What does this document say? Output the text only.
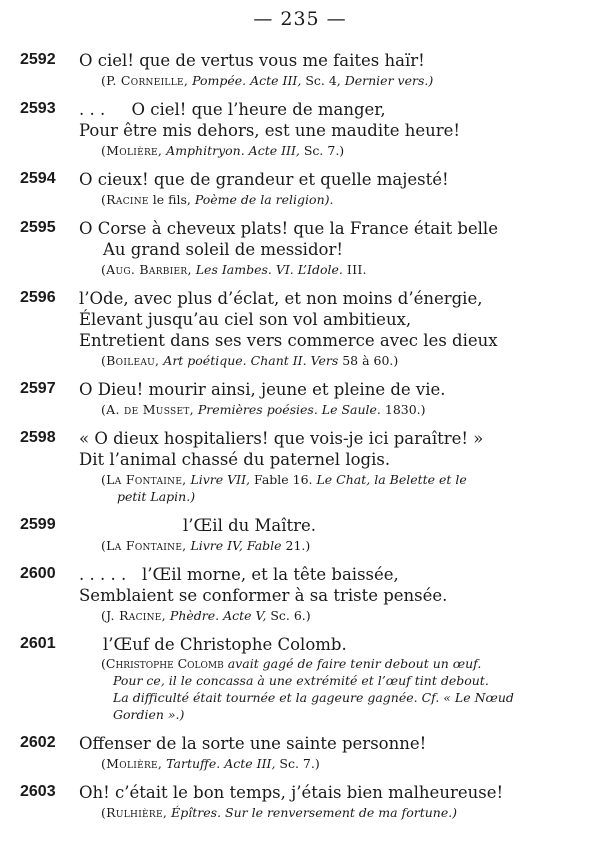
— 235 —
2592	O ciel! que de vertus vous me faites haïr!
(P. Corneille, Pompée. Acte III, Sc. 4, Dernier vers.)
2593	. . .     O ciel! que l’heure de manger,
Pour être mis dehors, est une maudite heure!
(Molière, Amphitryon. Acte III, Sc. 7.)
2594	O cieux! que de grandeur et quelle majesté!
(Racine le fils, Poème de la religion).
2595	O Corse à cheveux plats! que la France était belle
Au grand soleil de messidor!
(Aug. Barbier, Les Iambes. VI. L’Idole. III.
2596	l’Ode, avec plus d’éclat, et non moins d’énergie,
Élevant jusqu’au ciel son vol ambitieux,
Entretient dans ses vers commerce avec les dieux
(Boileau, Art poétique. Chant II. Vers 58 à 60.)
2597	O Dieu! mourir ainsi, jeune et pleine de vie.
(A. de Musset, Premières poésies. Le Saule. 1830.)
2598	« O dieux hospitaliers! que vois-je ici paraître! »
Dit l’animal chassé du paternel logis.
(La Fontaine, Livre VII, Fable 16. Le Chat, la Belette et le
petit Lapin.)
2599	l’Œil du Maître.
(La Fontaine, Livre IV, Fable 21.)
2600	. . . . .   l’Œil morne, et la tête baissée,
Semblaient se conformer à sa triste pensée.
(J. Racine, Phèdre. Acte V, Sc. 6.)
2601	l’Œuf de Christophe Colomb.
(Christophe Colomb avait gagé de faire tenir debout un œuf.
Pour ce, il le concassa à une extrémité et l’œuf tint debout.
La difficulté était tournée et la gageure gagnée. Cf. « Le Nœud
Gordien ».)
2602	Offenser de la sorte une sainte personne!
(Molière, Tartuffe. Acte III, Sc. 7.)
2603	Oh! c’était le bon temps, j’étais bien malheureuse!
(Rulhière, Épîtres. Sur le renversement de ma fortune.)
